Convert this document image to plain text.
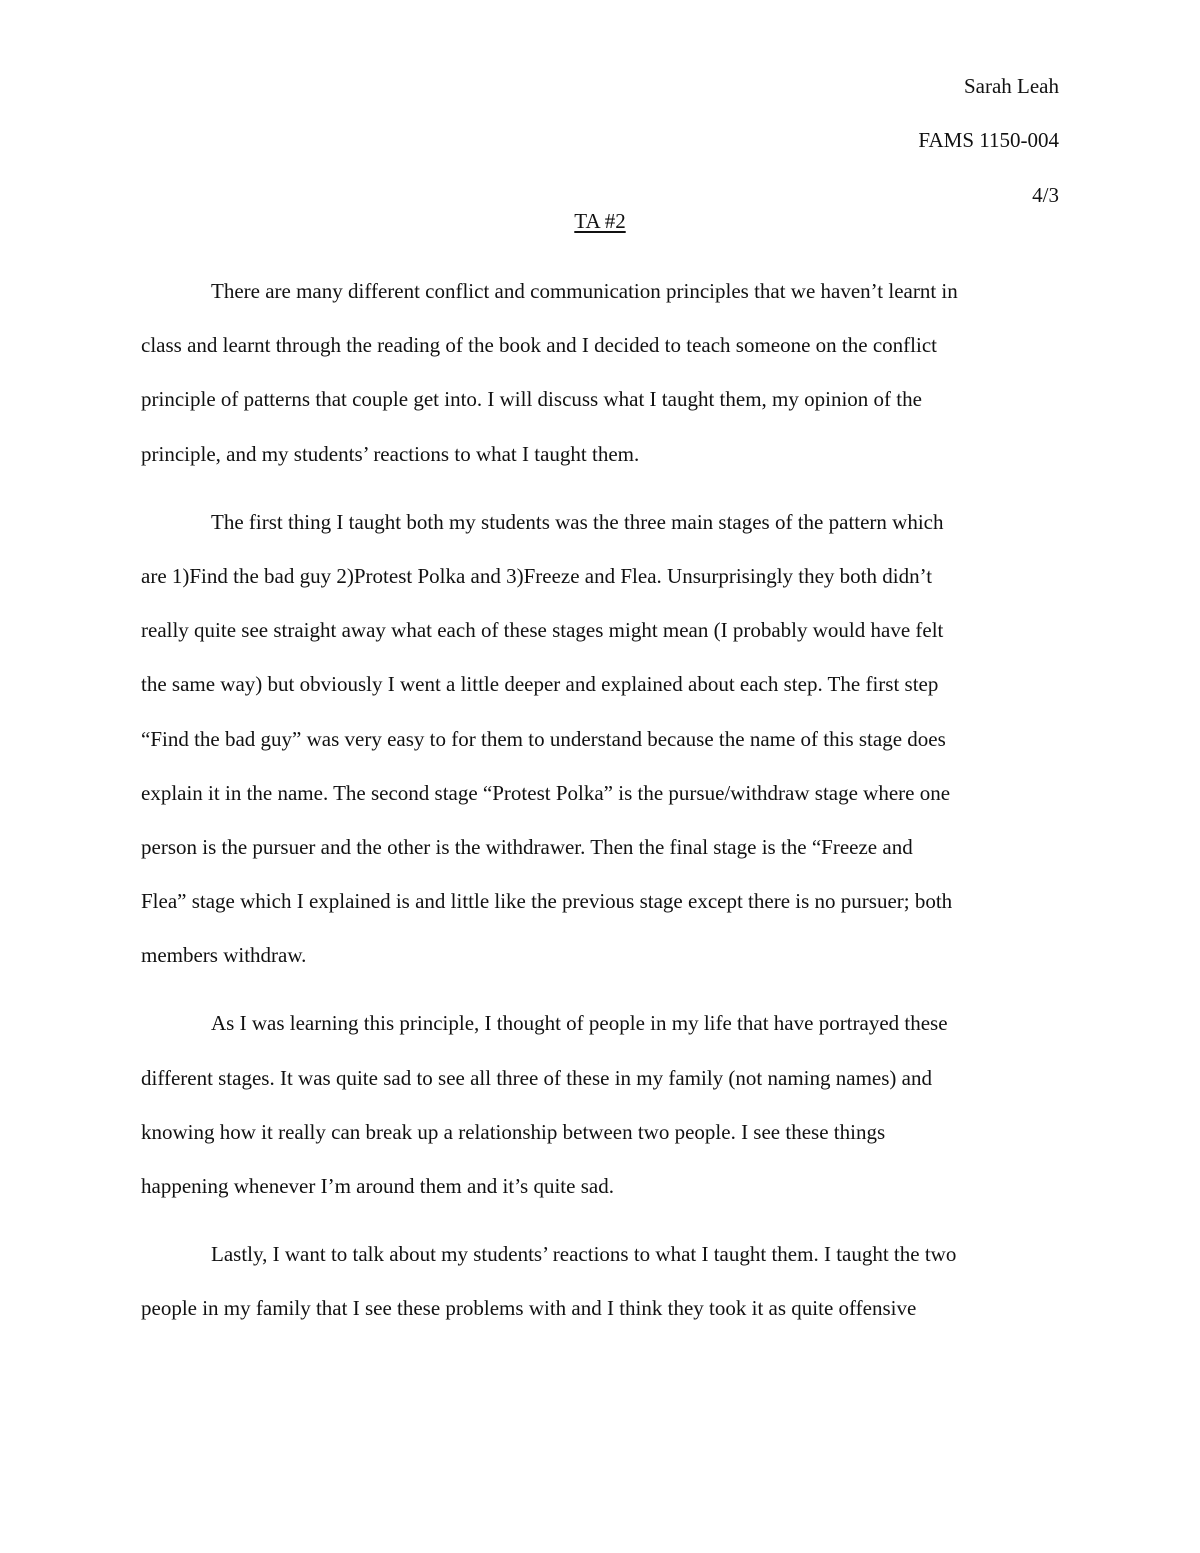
Sarah Leah
FAMS 1150-004
4/3
TA #2
There are many different conflict and communication principles that we haven’t learnt in
class and learnt through the reading of the book and I decided to teach someone on the conflict
principle of patterns that couple get into. I will discuss what I taught them, my opinion of the
principle, and my students’ reactions to what I taught them.
The first thing I taught both my students was the three main stages of the pattern which
are 1)Find the bad guy 2)Protest Polka and 3)Freeze and Flea. Unsurprisingly they both didn’t
really quite see straight away what each of these stages might mean (I probably would have felt
the same way) but obviously I went a little deeper and explained about each step. The first step
“Find the bad guy” was very easy to for them to understand because the name of this stage does
explain it in the name. The second stage “Protest Polka” is the pursue/withdraw stage where one
person is the pursuer and the other is the withdrawer. Then the final stage is the “Freeze and
Flea” stage which I explained is and little like the previous stage except there is no pursuer; both
members withdraw.
As I was learning this principle, I thought of people in my life that have portrayed these
different stages. It was quite sad to see all three of these in my family (not naming names) and
knowing how it really can break up a relationship between two people. I see these things
happening whenever I’m around them and it’s quite sad.
Lastly, I want to talk about my students’ reactions to what I taught them. I taught the two
people in my family that I see these problems with and I think they took it as quite offensive
